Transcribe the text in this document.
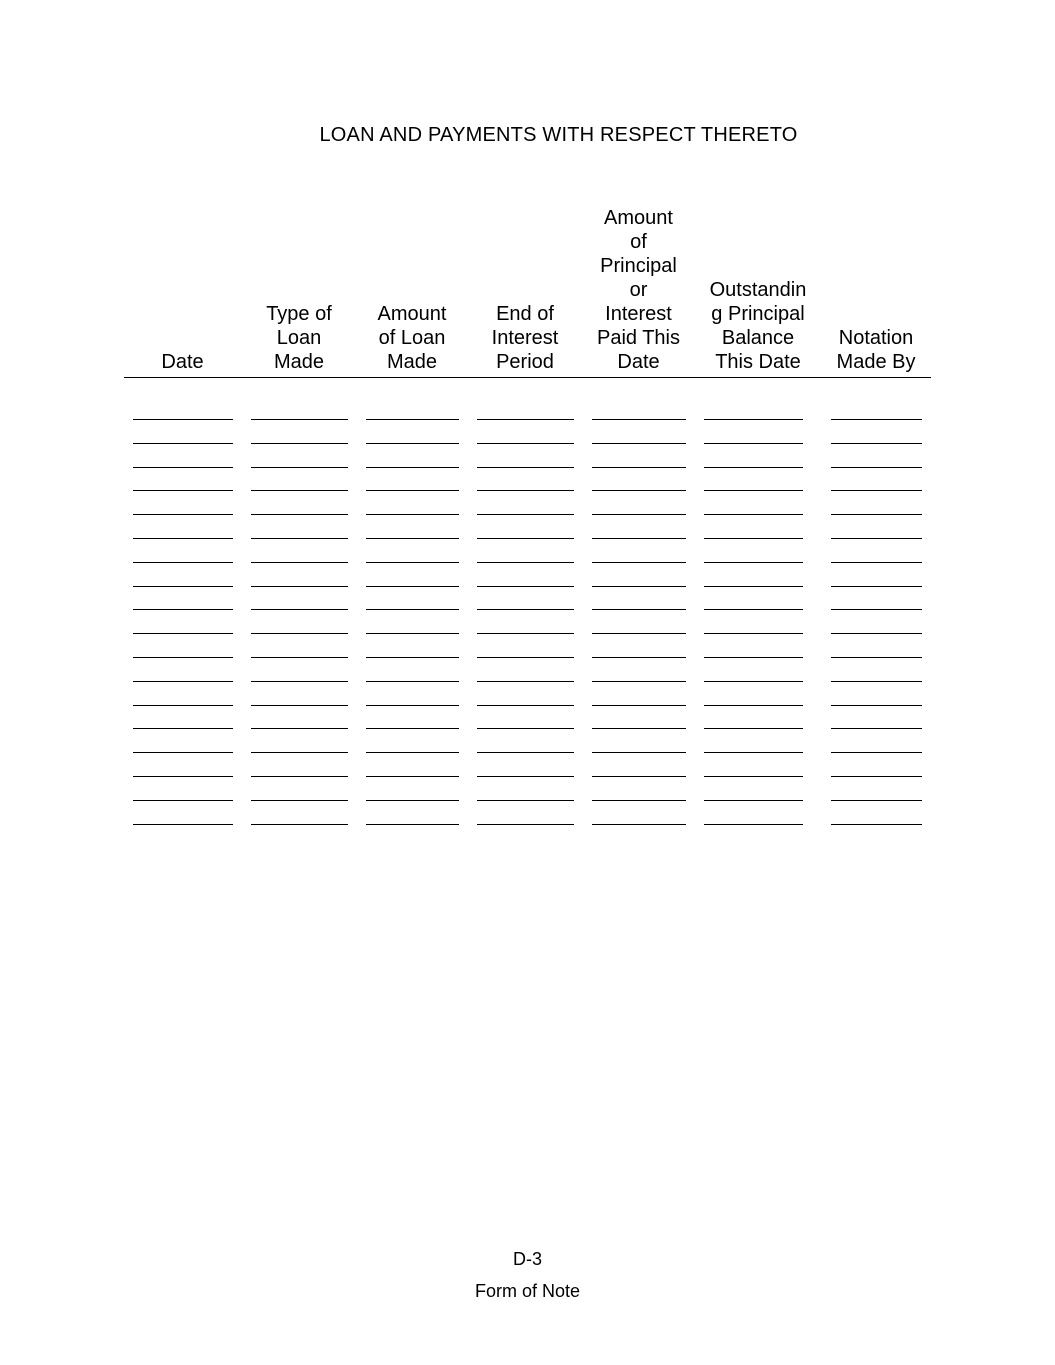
LOAN AND PAYMENTS WITH RESPECT THERETO
Date
Type of
Loan
Made
Amount
of Loan
Made
End of
Interest
Period
Amount
of
Principal
or
Interest
Paid This
Date
Outstandin
g Principal
Balance
This Date
Notation
Made By
D-3
Form of Note
